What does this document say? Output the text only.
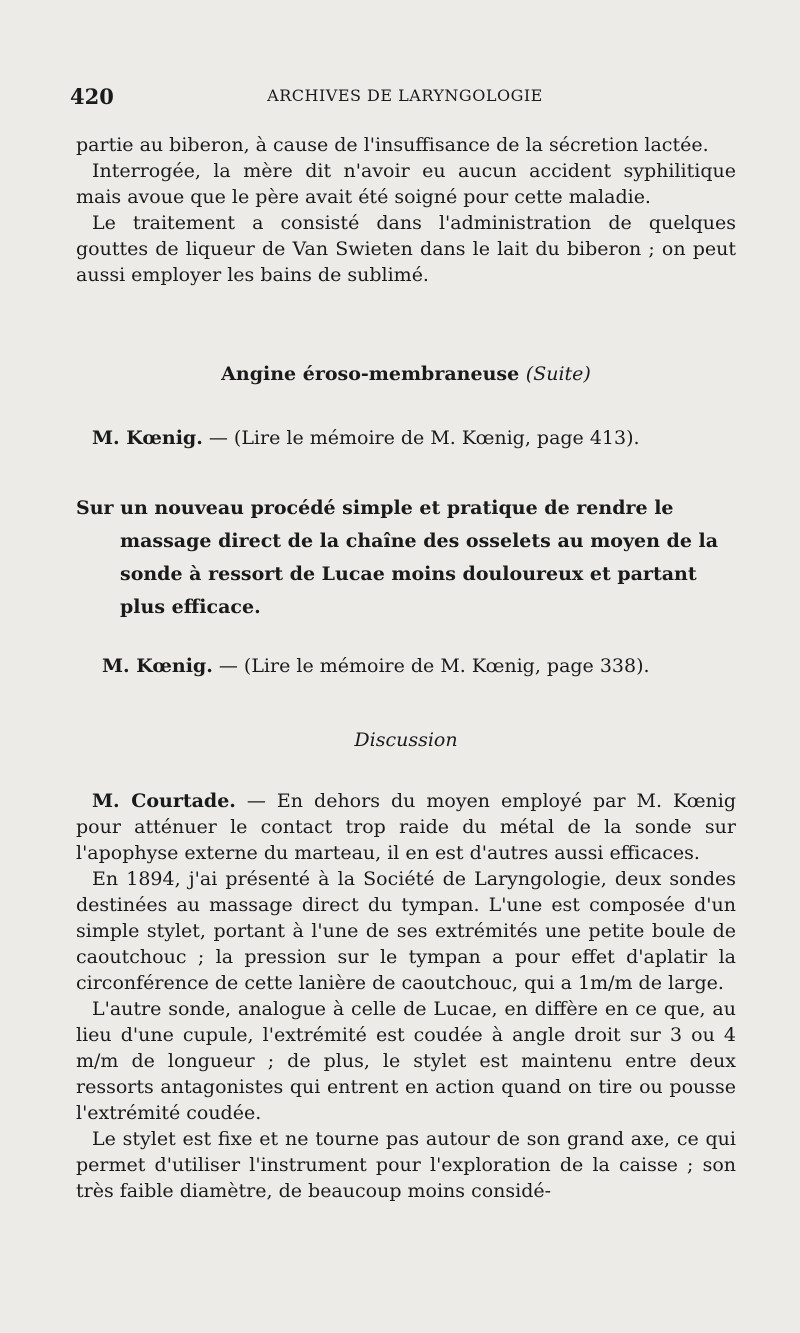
420	ARCHIVES DE LARYNGOLOGIE

partie au biberon, à cause de l'insuffisance de la sécretion lactée.

Interrogée, la mère dit n'avoir eu aucun accident syphilitique mais avoue que le père avait été soigné pour cette maladie.

Le traitement a consisté dans l'administration de quelques gouttes de liqueur de Van Swieten dans le lait du biberon ; on peut aussi employer les bains de sublimé.

Angine éroso-membraneuse (Suite)
M. Kœnig. — (Lire le mémoire de M. Kœnig, page 413).
Sur un nouveau procédé simple et pratique de rendre le
massage direct de la chaîne des osselets au moyen de la
sonde à ressort de Lucae moins douloureux et partant
plus efficace.
M. Kœnig. — (Lire le mémoire de M. Kœnig, page 338).
Discussion

M. Courtade. — En dehors du moyen employé par M. Kœnig pour atténuer le contact trop raide du métal de la sonde sur l'apophyse externe du marteau, il en est d'autres aussi efficaces.

En 1894, j'ai présenté à la Société de Laryngologie, deux sondes destinées au massage direct du tympan. L'une est composée d'un simple stylet, portant à l'une de ses extrémités une petite boule de caoutchouc ; la pression sur le tympan a pour effet d'aplatir la circonférence de cette lanière de caoutchouc, qui a 1m/m de large.

L'autre sonde, analogue à celle de Lucae, en diffère en ce que, au lieu d'une cupule, l'extrémité est coudée à angle droit sur 3 ou 4 m/m de longueur ; de plus, le stylet est maintenu entre deux ressorts antagonistes qui entrent en action quand on tire ou pousse l'extrémité coudée.

Le stylet est fixe et ne tourne pas autour de son grand axe, ce qui permet d'utiliser l'instrument pour l'exploration de la caisse ; son très faible diamètre, de beaucoup moins considé-
